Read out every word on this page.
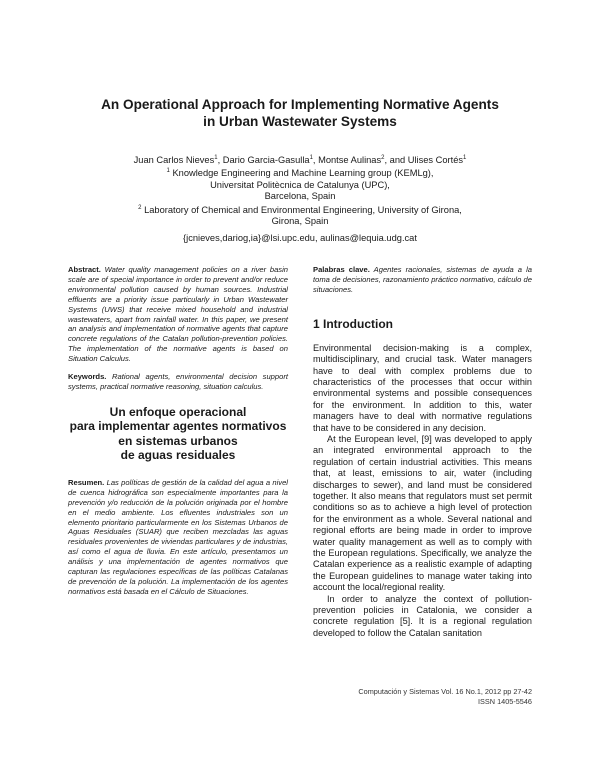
An Operational Approach for Implementing Normative Agents
in Urban Wastewater Systems
Juan Carlos Nieves$^1$, Dario Garcia-Gasulla$^1$, Montse Aulinas$^2$, and Ulises Cortés$^1$
$^1$ Knowledge Engineering and Machine Learning group (KEMLg),
Universitat Politècnica de Catalunya (UPC),
Barcelona, Spain
$^2$ Laboratory of Chemical and Environmental Engineering, University of Girona,
Girona, Spain
{jcnieves,dariog,ia}@lsi.upc.edu, aulinas@lequia.udg.cat

Abstract. Water quality management policies on a river basin scale are of special importance in order to prevent and/or reduce environmental pollution caused by human sources. Industrial effluents are a priority issue particularly in Urban Wastewater Systems (UWS) that receive mixed household and industrial wastewaters, apart from rainfall water. In this paper, we present an analysis and implementation of normative agents that capture concrete regulations of the Catalan pollution-prevention policies. The implementation of the normative agents is based on Situation Calculus.

Keywords. Rational agents, environmental decision support systems, practical normative reasoning, situation calculus.

Un enfoque operacional
para implementar agentes normativos
en sistemas urbanos
de aguas residuales

Resumen. Las políticas de gestión de la calidad del agua a nivel de cuenca hidrográfica son especialmente importantes para la prevención y/o reducción de la polución originada por el hombre en el medio ambiente. Los efluentes industriales son un elemento prioritario particularmente en los Sistemas Urbanos de Aguas Residuales (SUAR) que reciben mezcladas las aguas residuales provenientes de viviendas particulares y de industrias, así como el agua de lluvia. En este artículo, presentamos un análisis y una implementación de agentes normativos que capturan las regulaciones específicas de las políticas Catalanas de prevención de la polución. La implementación de los agentes normativos está basada en el Cálculo de Situaciones.

Palabras clave. Agentes racionales, sistemas de ayuda a la toma de decisiones, razonamiento práctico normativo, cálculo de situaciones.

1 Introduction

Environmental decision-making is a complex, multidisciplinary, and crucial task. Water managers have to deal with complex problems due to characteristics of the processes that occur within environmental systems and possible consequences for the environment. In addition to this, water managers have to deal with normative regulations that have to be considered in any decision.

At the European level, [9] was developed to apply an integrated environmental approach to the regulation of certain industrial activities. This means that, at least, emissions to air, water (including discharges to sewer), and land must be considered together. It also means that regulators must set permit conditions so as to achieve a high level of protection for the environment as a whole. Several national and regional efforts are being made in order to improve water quality management as well as to comply with the European regulations. Specifically, we analyze the Catalan experience as a realistic example of adapting the European guidelines to manage water taking into account the local/regional reality.

In order to analyze the context of pollution-prevention policies in Catalonia, we consider a concrete regulation [5]. It is a regional regulation developed to follow the Catalan sanitation

Computación y Sistemas Vol. 16 No.1, 2012 pp 27-42
ISSN 1405-5546
